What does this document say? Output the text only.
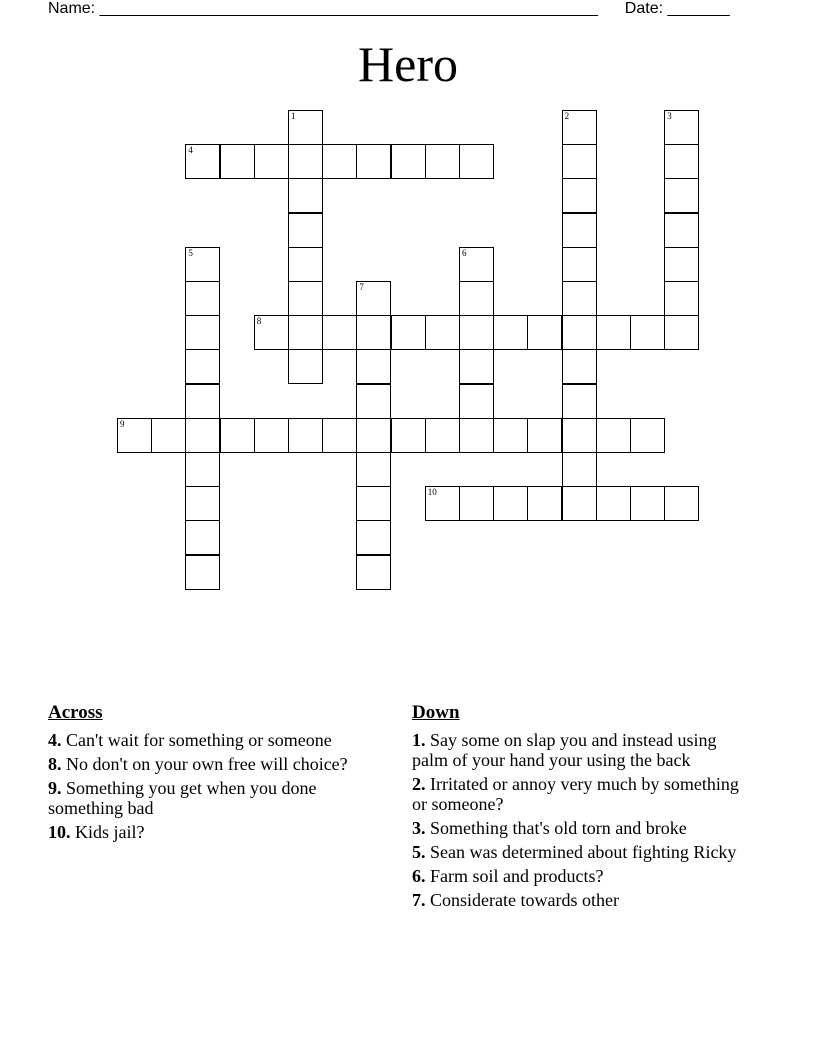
Name: ________________________________________________________ Date: _______
Hero
1	2	3
4
5	6
7
8
9
10
Across
4. Can't wait for something or someone
8. No don't on your own free will choice?
9. Something you get when you done something bad
10. Kids jail?
Down
1. Say some on slap you and instead using palm of your hand your using the back
2. Irritated or annoy very much by something or someone?
3. Something that's old torn and broke
5. Sean was determined about fighting Ricky
6. Farm soil and products?
7. Considerate towards other
